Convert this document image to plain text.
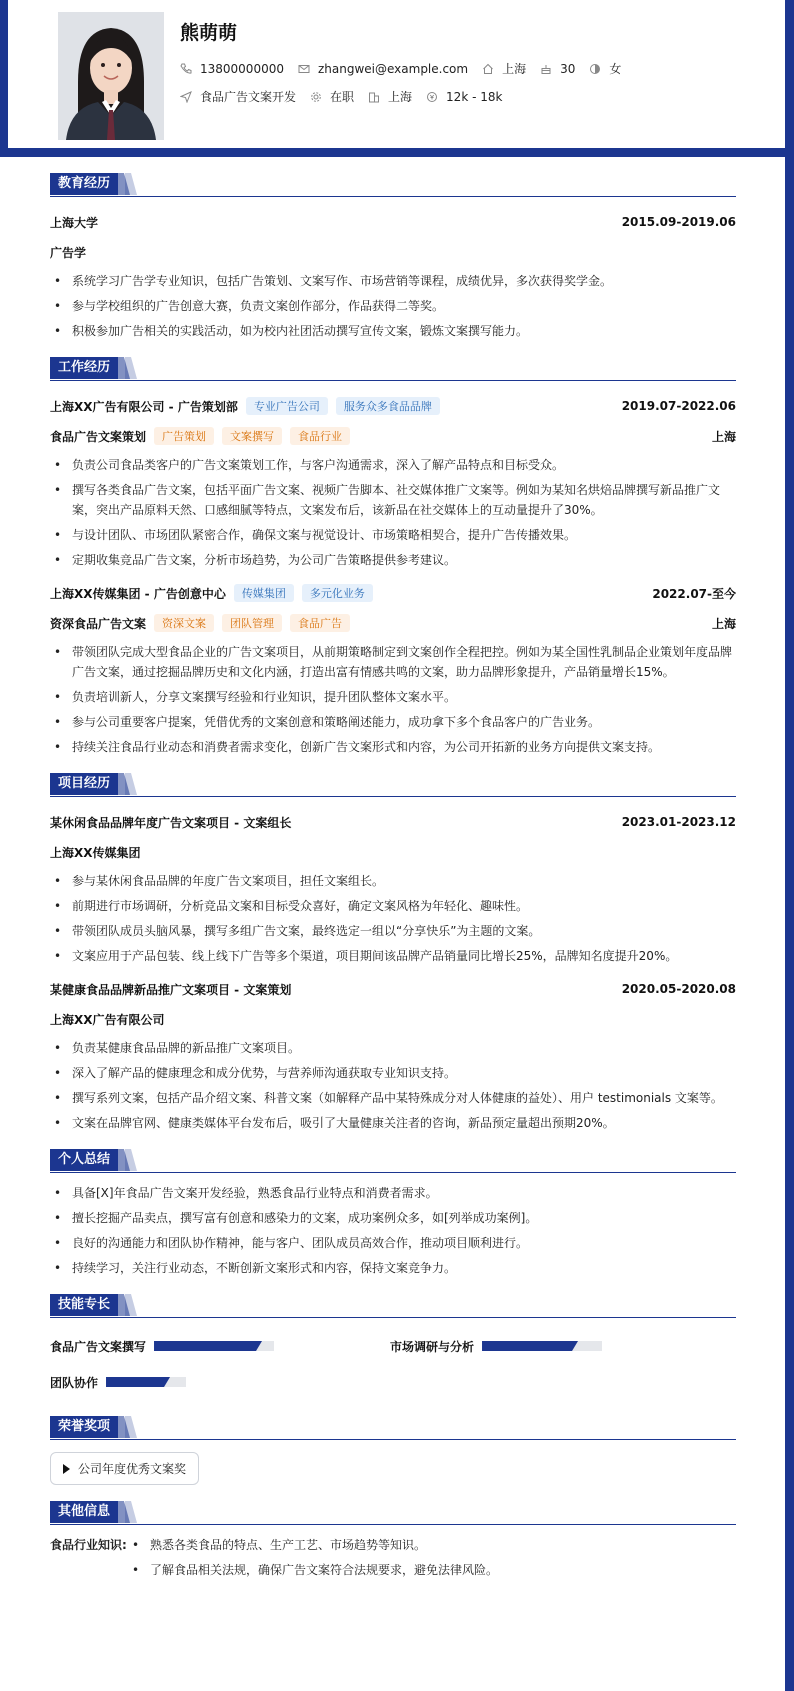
熊萌萌
13800000000	zhangwei@example.com	上海	30	女
食品广告文案开发	在职	上海	12k - 18k
教育经历
上海大学	2015.09-2019.06
广告学
• 系统学习广告学专业知识，包括广告策划、文案写作、市场营销等课程，成绩优异，多次获得奖学金。
• 参与学校组织的广告创意大赛，负责文案创作部分，作品获得二等奖。
• 积极参加广告相关的实践活动，如为校内社团活动撰写宣传文案，锻炼文案撰写能力。
工作经历
上海XX广告有限公司 - 广告策划部	专业广告公司	服务众多食品品牌	2019.07-2022.06
食品广告文案策划	广告策划	文案撰写	食品行业	上海
• 负责公司食品类客户的广告文案策划工作，与客户沟通需求，深入了解产品特点和目标受众。
• 撰写各类食品广告文案，包括平面广告文案、视频广告脚本、社交媒体推广文案等。例如为某知名烘焙品牌撰写新品推广文案，突出产品原料天然、口感细腻等特点，文案发布后，该新品在社交媒体上的互动量提升了30%。
• 与设计团队、市场团队紧密合作，确保文案与视觉设计、市场策略相契合，提升广告传播效果。
• 定期收集竞品广告文案，分析市场趋势，为公司广告策略提供参考建议。
上海XX传媒集团 - 广告创意中心	传媒集团	多元化业务	2022.07-至今
资深食品广告文案	资深文案	团队管理	食品广告	上海
• 带领团队完成大型食品企业的广告文案项目，从前期策略制定到文案创作全程把控。例如为某全国性乳制品企业策划年度品牌广告文案，通过挖掘品牌历史和文化内涵，打造出富有情感共鸣的文案，助力品牌形象提升，产品销量增长15%。
• 负责培训新人，分享文案撰写经验和行业知识，提升团队整体文案水平。
• 参与公司重要客户提案，凭借优秀的文案创意和策略阐述能力，成功拿下多个食品客户的广告业务。
• 持续关注食品行业动态和消费者需求变化，创新广告文案形式和内容，为公司开拓新的业务方向提供文案支持。
项目经历
某休闲食品品牌年度广告文案项目 - 文案组长	2023.01-2023.12
上海XX传媒集团
• 参与某休闲食品品牌的年度广告文案项目，担任文案组长。
• 前期进行市场调研，分析竞品文案和目标受众喜好，确定文案风格为年轻化、趣味性。
• 带领团队成员头脑风暴，撰写多组广告文案，最终选定一组以“分享快乐”为主题的文案。
• 文案应用于产品包装、线上线下广告等多个渠道，项目期间该品牌产品销量同比增长25%，品牌知名度提升20%。
某健康食品品牌新品推广文案项目 - 文案策划	2020.05-2020.08
上海XX广告有限公司
• 负责某健康食品品牌的新品推广文案项目。
• 深入了解产品的健康理念和成分优势，与营养师沟通获取专业知识支持。
• 撰写系列文案，包括产品介绍文案、科普文案（如解释产品中某特殊成分对人体健康的益处）、用户 testimonials 文案等。
• 文案在品牌官网、健康类媒体平台发布后，吸引了大量健康关注者的咨询，新品预定量超出预期20%。
个人总结
• 具备[X]年食品广告文案开发经验，熟悉食品行业特点和消费者需求。
• 擅长挖掘产品卖点，撰写富有创意和感染力的文案，成功案例众多，如[列举成功案例]。
• 良好的沟通能力和团队协作精神，能与客户、团队成员高效合作，推动项目顺利进行。
• 持续学习，关注行业动态，不断创新文案形式和内容，保持文案竞争力。
技能专长
食品广告文案撰写	市场调研与分析
团队协作
荣誉奖项
公司年度优秀文案奖
其他信息
食品行业知识:
•	熟悉各类食品的特点、生产工艺、市场趋势等知识。
• 了解食品相关法规，确保广告文案符合法规要求，避免法律风险。
